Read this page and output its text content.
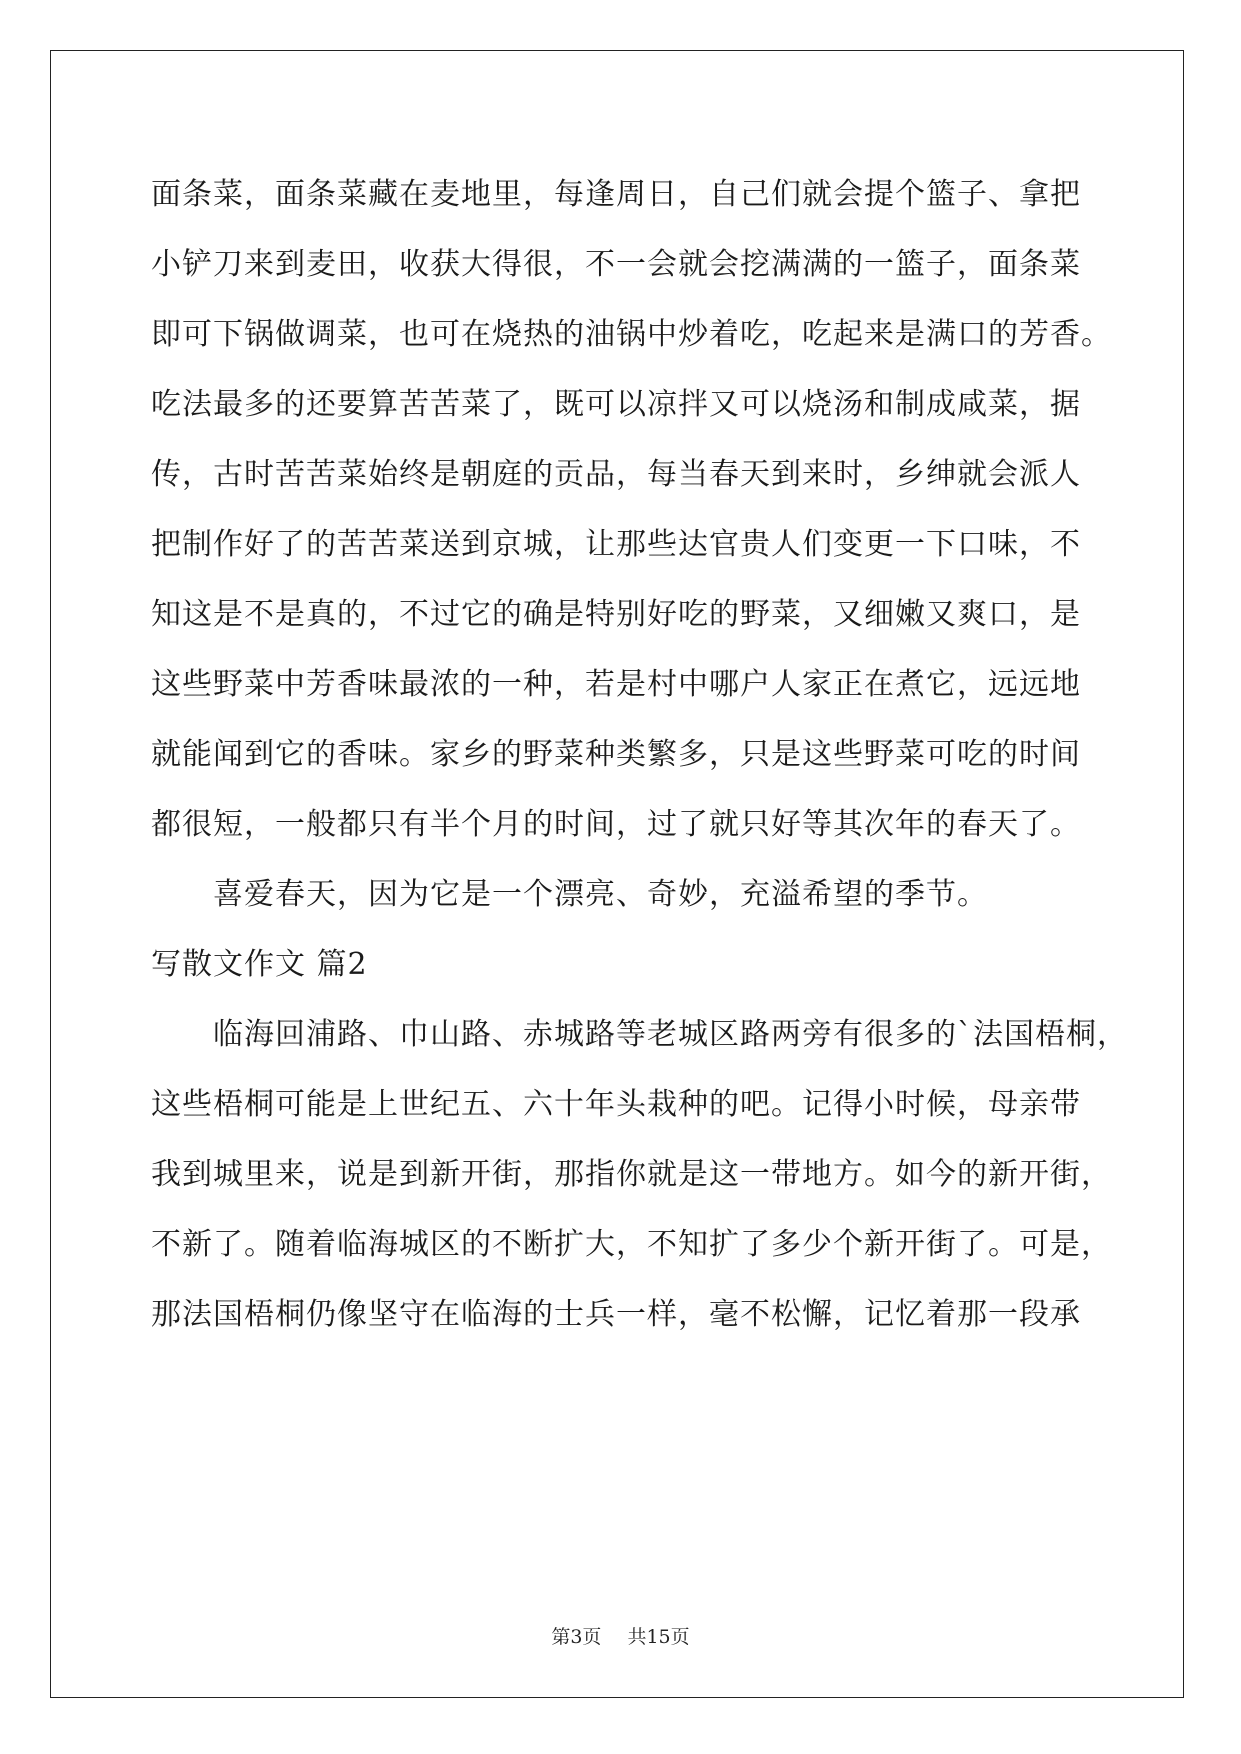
面条菜，面条菜藏在麦地里，每逢周日，自己们就会提个篮子、拿把
小铲刀来到麦田，收获大得很，不一会就会挖满满的一篮子，面条菜
即可下锅做调菜，也可在烧热的油锅中炒着吃，吃起来是满口的芳香。
吃法最多的还要算苦苦菜了，既可以凉拌又可以烧汤和制成咸菜，据
传，古时苦苦菜始终是朝庭的贡品，每当春天到来时，乡绅就会派人
把制作好了的苦苦菜送到京城，让那些达官贵人们变更一下口味，不
知这是不是真的，不过它的确是特别好吃的野菜，又细嫩又爽口，是
这些野菜中芳香味最浓的一种，若是村中哪户人家正在煮它，远远地
就能闻到它的香味。家乡的野菜种类繁多，只是这些野菜可吃的时间
都很短，一般都只有半个月的时间，过了就只好等其次年的春天了。
喜爱春天，因为它是一个漂亮、奇妙，充溢希望的季节。
写散文作文 篇2
临海回浦路、巾山路、赤城路等老城区路两旁有很多的`法国梧桐，
这些梧桐可能是上世纪五、六十年头栽种的吧。记得小时候，母亲带
我到城里来，说是到新开街，那指你就是这一带地方。如今的新开街，
不新了。随着临海城区的不断扩大，不知扩了多少个新开街了。可是，
那法国梧桐仍像坚守在临海的士兵一样，毫不松懈，记忆着那一段承
第3页 共15页
